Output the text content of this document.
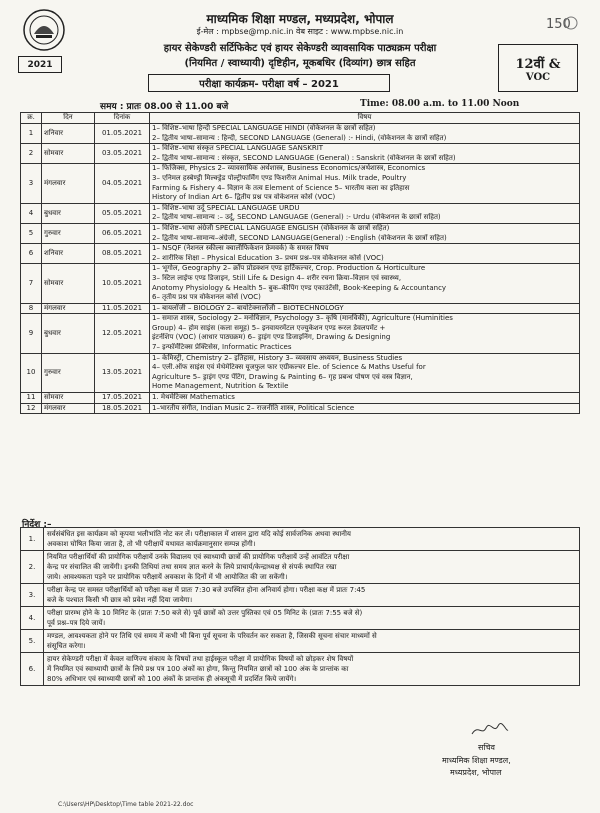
2021
150
माध्यमिक शिक्षा मण्डल, मध्यप्रदेश, भोपाल
ई-मेल : mpbse@mp.nic.in वेब साइट : www.mpbse.nic.in
हायर सेकेण्डरी सर्टिफिकेट एवं हायर सेकेण्डरी व्यावसायिक पाठ्यक्रम परीक्षा
(नियमित / स्वाध्यायी) दृष्टिहीन, मूकबधिर (दिव्यांग) छात्र सहित
परीक्षा कार्यक्रम- परीक्षा वर्ष – 2021
12वीं &
VOC
समय : प्रातः 08.00 से 11.00 बजे	Time: 08.00 a.m. to 11.00 Noon
क्र.	दिन	दिनांक	विषय
1	शनिवार	01.05.2021	1– विशिष्ट–भाषा हिन्दी SPECIAL LANGUAGE HINDI (वोकेशनल के छात्रों सहित)
2– द्वितीय भाषा–सामान्य : हिन्दी, SECOND LANGUAGE (General) :- Hindi, (वोकेशनल के छात्रों सहित)

2	सोमवार	03.05.2021	1– विशिष्ट–भाषा संस्कृत SPECIAL LANGUAGE SANSKRIT
2– द्वितीय भाषा–सामान्य : संस्कृत, SECOND LANGUAGE (General) : Sanskrit (वोकेशनल के छात्रों सहित)

3	मंगलवार	04.05.2021	1– फिजिक्स, Physics 2– व्यावसायिक अर्थशास्त्र, Business Economics/अर्थशास्त्र, Economics
3– एनिमल हस्बेण्ड्री मिल्क्ड्रेड पोल्ट्रीफार्मिंग एण्ड फिशरीज Animal Hus. Milk trade, Poultry
Farming & Fishery 4– विज्ञान के तत्व Element of Science 5– भारतीय कला का इतिहास
History of Indian Art 6– द्वितीय प्रश्न पत्र वोकेशनल कोर्स (VOC)

4	बुधवार	05.05.2021	1– विशिष्ट–भाषा उर्दू SPECIAL LANGUAGE URDU
2– द्वितीय भाषा–सामान्य :– उर्दू, SECOND LANGUAGE (General) :- Urdu (वोकेशनल के छात्रों सहित)

5	गुरुवार	06.05.2021	1– विशिष्ट–भाषा अंग्रेजी SPECIAL LANGUAGE ENGLISH (वोकेशनल के छात्रों सहित)
2– द्वितीय भाषा–सामान्य–अंग्रेजी, SECOND LANGUAGE(General) :-English (वोकेशनल के छात्रों सहित)

6	शनिवार	08.05.2021	1– NSQF (नेशनल स्कील्स क्वालीफिकेशन फ्रेमवर्क) के समस्त विषय
2– शारीरिक शिक्षा – Physical Education 3– प्रथम प्रश्न–पत्र वोकेशनल कोर्स (VOC)

7	सोमवार	10.05.2021	1– भूगोल, Geography 2– क्रॉप प्रोडक्शन एण्ड हार्टिकल्चर, Crop. Production & Horticulture
3– स्टिल लाईफ एण्ड डिजाइन, Still Life & Design 4– शरीर रचना क्रिया–विज्ञान एवं स्वास्थ्य,
Anotomy Physiology & Health 5– बुक–कीपिंग एण्ड एकाउंटेंसी, Book-Keeping & Accountancy
6– तृतीय प्रश्न पत्र वोकेशनल कोर्स (VOC)

8	मंगलवार	11.05.2021	1– बायलॉजी – BIOLOGY 2– बायोटेक्नालॉजी – BIOTECHNOLOGY

9	बुधवार	12.05.2021	1– समाज शास्त्र, Sociology 2– मनोविज्ञान, Psychology 3– कृषि (मानविकी), Agriculture (Huminities
Group) 4– होम साइंस (कला समूह) 5– इनवायरमेंटल एज्युकेशन एण्ड रूरल डेवलपमेंट +
इंटर्नशिप (VOC) (आधार पाठ्यक्रम) 6– ड्राइंग एण्ड डिजाइनिंग, Drawing & Designing
7– इन्फॉर्मेटिक्स प्रेक्टिसेस, Informatic Practices

10	गुरुवार	13.05.2021	1– केमिस्ट्री, Chemistry 2– इतिहास, History 3– व्यवसाय अध्ययन, Business Studies
4– एली.ऑफ साइंस एवं मेथेमेटिक्स यूजफुल फार एग्रीकल्चर Ele. of Science & Maths Useful for
Agriculture 5– ड्राइंग एण्ड पेंटिंग, Drawing & Painting 6– गृह प्रबन्ध पोषण एवं वस्त्र विज्ञान,
Home Management, Nutrition & Textile

11	सोमवार	17.05.2021	1. मेथमेटिक्स Mathematics

12	मंगलवार	18.05.2021	1–भारतीय संगीत, Indian Music 2– राजनीति शास्त्र, Political Science
निर्देश :–
1.	सर्वसंबंधित इस कार्यक्रम को कृपया भलीभांति नोट कर लें। परीक्षाकाल में शासन द्वारा यदि कोई सार्वजनिक अथवा स्थानीय
अवकाश घोषित किया जाता है, तो भी परीक्षायें यथावत कार्यक्रमानुसार सम्पन्न होंगी।

2.	नियमित परीक्षार्थियों की प्रायोगिक परीक्षायें उनके विद्यालय एवं स्वाध्यायी छात्रों की प्रायोगिक परीक्षायें उन्हें आवंटित परीक्षा
केन्द्र पर संचालित की जायेंगी। इनकी तिथियां तथा समय ज्ञात करने के लिये प्राचार्य/केन्द्राध्यक्ष से संपर्क स्थापित रखा
जाये। आवश्यकता पड़ने पर प्रायोगिक परीक्षायें अवकाश के दिनों में भी आयोजित की जा सकेंगी।

3.	परीक्षा केन्द्र पर समस्त परीक्षार्थियों को परीक्षा कक्ष में प्रातः 7:30 बजे उपस्थित होना अनिवार्य होगा। परीक्षा कक्ष में प्रातः 7:45
बजे के पश्चात किसी भी छात्र को प्रवेश नहीं दिया जायेगा।

4.	परीक्षा प्रारम्भ होने के 10 मिनिट के (प्रातः 7:50 बजे से) पूर्व छात्रों को उत्तर पुस्तिका एवं 05 मिनिट के (प्रातः 7:55 बजे से)
पूर्व प्रश्न–पत्र दिये जायें।

5.	मण्डल, आवश्यकता होने पर तिथि एवं समय में कभी भी बिना पूर्व सूचना के परिवर्तन कर सकता है, जिसकी सूचना संचार माध्यमों से
संसूचित करेगा।

6.	हायर सेकेण्डरी परीक्षा में केवल वाणिज्य संकाय के विषयों तथा हाईस्कूल परीक्षा में प्रायोगिक विषयों को छोड़कर शेष विषयों
में नियमित एवं स्वाध्यायी छात्रों के लिये प्रश्न पत्र 100 अंकों का होगा, किन्तु नियमित छात्रों को 100 अंक के प्रान्तांक का
80% अधिभार एवं स्वाध्यायी छात्रों को 100 अंकों के प्रान्तांक ही अंकसूची में प्रदर्शित किये जायेंगे।
सचिव
माध्यमिक शिक्षा मण्डल,
मध्यप्रदेश, भोपाल
C:\Users\HP\Desktop\Time table 2021-22.doc
